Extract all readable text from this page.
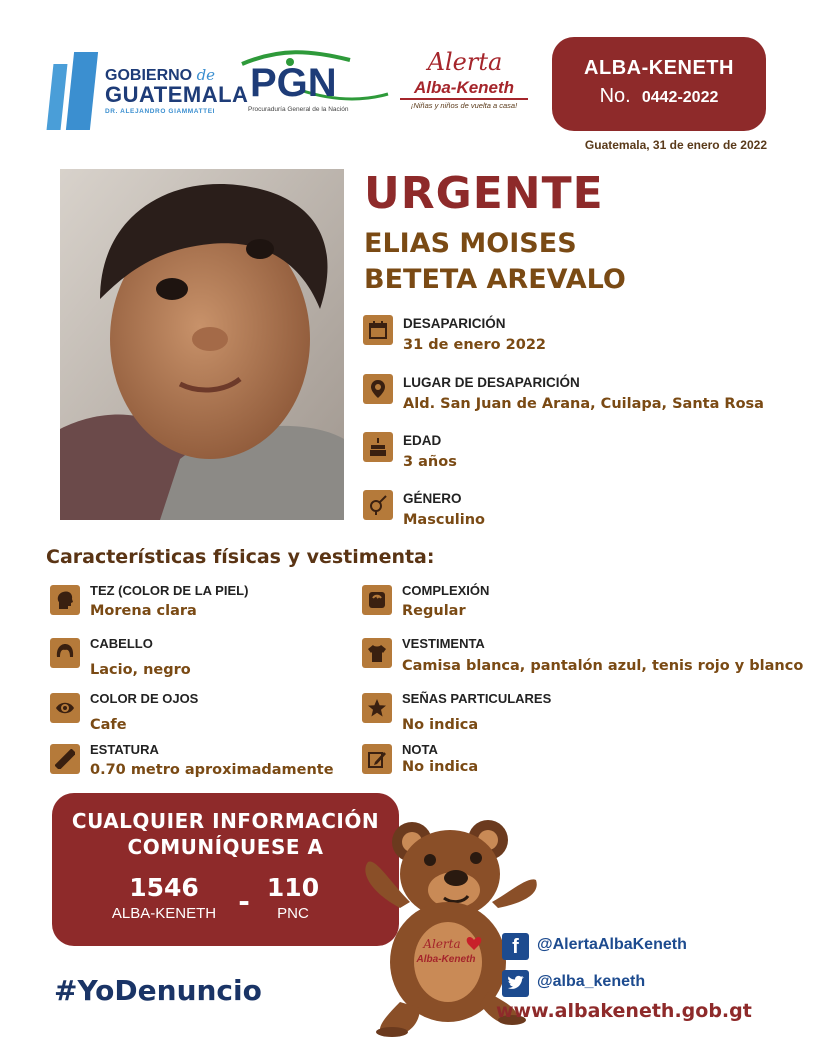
GOBIERNO de
GUATEMALA
DR. ALEJANDRO GIAMMATTEI
PGN
Procuraduría General de la Nación
Alerta
Alba-Keneth
¡Niñas y niños de vuelta a casa!
ALBA-KENETH
No. 0442-2022
Guatemala, 31 de enero de 2022
URGENTE
ELIAS MOISES
BETETA AREVALO
DESAPARICIÓN
31 de enero 2022
LUGAR DE DESAPARICIÓN
Ald. San Juan de Arana, Cuilapa, Santa Rosa
EDAD
3 años
GÉNERO
Masculino
Características físicas y vestimenta:
TEZ (COLOR DE LA PIEL)
Morena clara
CABELLO
Lacio, negro
COLOR DE OJOS
Cafe
ESTATURA
0.70 metro aproximadamente
COMPLEXIÓN
Regular
VESTIMENTA
Camisa blanca, pantalón azul, tenis rojo y blanco
SEÑAS PARTICULARES
No indica
NOTA
No indica
CUALQUIER INFORMACIÓN
COMUNÍQUESE A
1546
ALBA-KENETH - 110
PNC
#YoDenuncio
Alerta
Alba-Keneth
f	@AlertaAlbaKeneth
@alba_keneth
www.albakeneth.gob.gt
